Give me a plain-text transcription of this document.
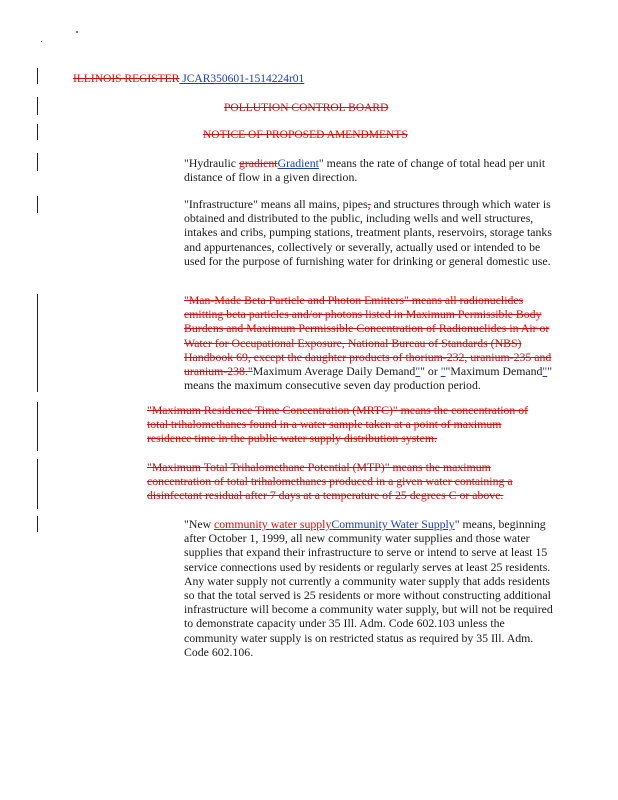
ILLINOIS REGISTER JCAR350601-1514224r01
POLLUTION CONTROL BOARD
NOTICE OF PROPOSED AMENDMENTS
"Hydraulic gradientGradient" means the rate of change of total head per unit distance of flow in a given direction.
"Infrastructure" means all mains, pipes, and structures through which water is obtained and distributed to the public, including wells and well structures, intakes and cribs, pumping stations, treatment plants, reservoirs, storage tanks and appurtenances, collectively or severally, actually used or intended to be used for the purpose of furnishing water for drinking or general domestic use.
"Man-Made Beta Particle and Photon Emitters" means all radionuclides emitting beta particles and/or photons listed in Maximum Permissible Body Burdens and Maximum Permissible Concentration of Radionuclides in Air or Water for Occupational Exposure, National Bureau of Standards (NBS) Handbook 69, except the daughter products of thorium-232, uranium-235 and uranium-238."Maximum Average Daily Demand"" or ""Maximum Demand"" means the maximum consecutive seven day production period.
"Maximum Residence Time Concentration (MRTC)" means the concentration of total trihalomethanes found in a water sample taken at a point of maximum residence time in the public water supply distribution system.
"Maximum Total Trihalomethane Potential (MTP)" means the maximum concentration of total trihalomethanes produced in a given water containing a disinfectant residual after 7 days at a temperature of 25 degrees C or above.
"New community water supplyCommunity Water Supply" means, beginning after October 1, 1999, all new community water supplies and those water supplies that expand their infrastructure to serve or intend to serve at least 15 service connections used by residents or regularly serves at least 25 residents. Any water supply not currently a community water supply that adds residents so that the total served is 25 residents or more without constructing additional infrastructure will become a community water supply, but will not be required to demonstrate capacity under 35 Ill. Adm. Code 602.103 unless the community water supply is on restricted status as required by 35 Ill. Adm. Code 602.106.
